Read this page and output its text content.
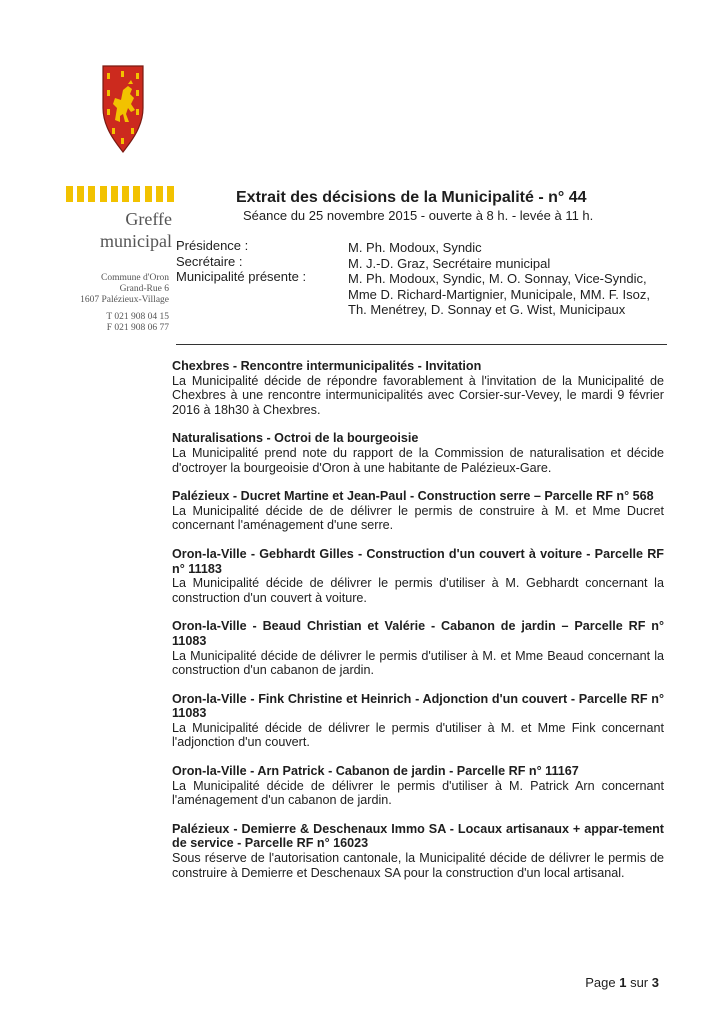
Greffe
municipal
Commune d'Oron
Grand-Rue 6
1607 Palézieux-Village
T 021 908 04 15
F 021 908 06 77
Extrait des décisions de la Municipalité - n° 44
Séance du 25 novembre 2015 - ouverte à 8 h. - levée à 11 h.
Présidence :
Secrétaire :
Municipalité présente :
M. Ph. Modoux, Syndic
M. J.-D. Graz, Secrétaire municipal
M. Ph. Modoux, Syndic, M. O. Sonnay, Vice-Syndic,
Mme D. Richard-Martignier, Municipale, MM. F. Isoz,
Th. Menétrey, D. Sonnay et G. Wist, Municipaux
Chexbres - Rencontre intermunicipalités - Invitation
La Municipalité décide de répondre favorablement à l'invitation de la Municipalité de Chexbres à une rencontre intermunicipalités avec Corsier-sur-Vevey, le mardi 9 février 2016 à 18h30 à Chexbres.
Naturalisations - Octroi de la bourgeoisie
La Municipalité prend note du rapport de la Commission de naturalisation et décide d'octroyer la bourgeoisie d'Oron à une habitante de Palézieux-Gare.
Palézieux - Ducret Martine et Jean-Paul - Construction serre – Parcelle RF n° 568
La Municipalité décide de de délivrer le permis de construire à M. et Mme Ducret concernant l'aménagement d'une serre.
Oron-la-Ville - Gebhardt Gilles - Construction d'un couvert à voiture - Parcelle RF n° 11183
La Municipalité décide de délivrer le permis d'utiliser à M. Gebhardt concernant la construction d'un couvert à voiture.
Oron-la-Ville - Beaud Christian et Valérie - Cabanon de jardin – Parcelle RF n° 11083
La Municipalité décide de délivrer le permis d'utiliser à M. et Mme Beaud concernant la construction d'un cabanon de jardin.
Oron-la-Ville - Fink Christine et Heinrich - Adjonction d'un couvert - Parcelle RF n° 11083
La Municipalité décide de délivrer le permis d'utiliser à M. et Mme Fink concernant l'adjonction d'un couvert.
Oron-la-Ville - Arn Patrick - Cabanon de jardin - Parcelle RF n° 11167
La Municipalité décide de délivrer le permis d'utiliser à M. Patrick Arn concernant l'aménagement d'un cabanon de jardin.
Palézieux - Demierre & Deschenaux Immo SA - Locaux artisanaux + appar-tement de service - Parcelle RF n° 16023
Sous réserve de l'autorisation cantonale, la Municipalité décide de délivrer le permis de construire à Demierre et Deschenaux SA pour la construction d'un local artisanal.
Page 1 sur 3
